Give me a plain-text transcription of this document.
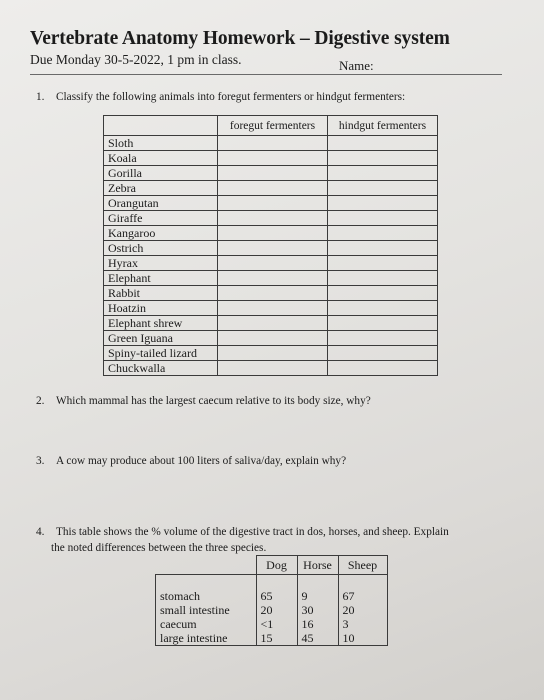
Vertebrate Anatomy Homework – Digestive system
Due Monday 30-5-2022, 1 pm in class.	Name:
1. Classify the following animals into foregut fermenters or hindgut fermenters:
	foregut fermenters	hindgut fermenters
Sloth		
Koala		
Gorilla		
Zebra		
Orangutan		
Giraffe		
Kangaroo		
Ostrich		
Hyrax		
Elephant		
Rabbit		
Hoatzin		
Elephant shrew		
Green Iguana		
Spiny-tailed lizard		
Chuckwalla		
2. Which mammal has the largest caecum relative to its body size, why?
3. A cow may produce about 100 liters of saliva/day, explain why?
4. This table shows the % volume of the digestive tract in dos, horses, and sheep. Explain
the noted differences between the three species.
	Dog	Horse	Sheep

stomach	65	9	67
small intestine	20	30	20
caecum	<1	16	3
large intestine	15	45	10
